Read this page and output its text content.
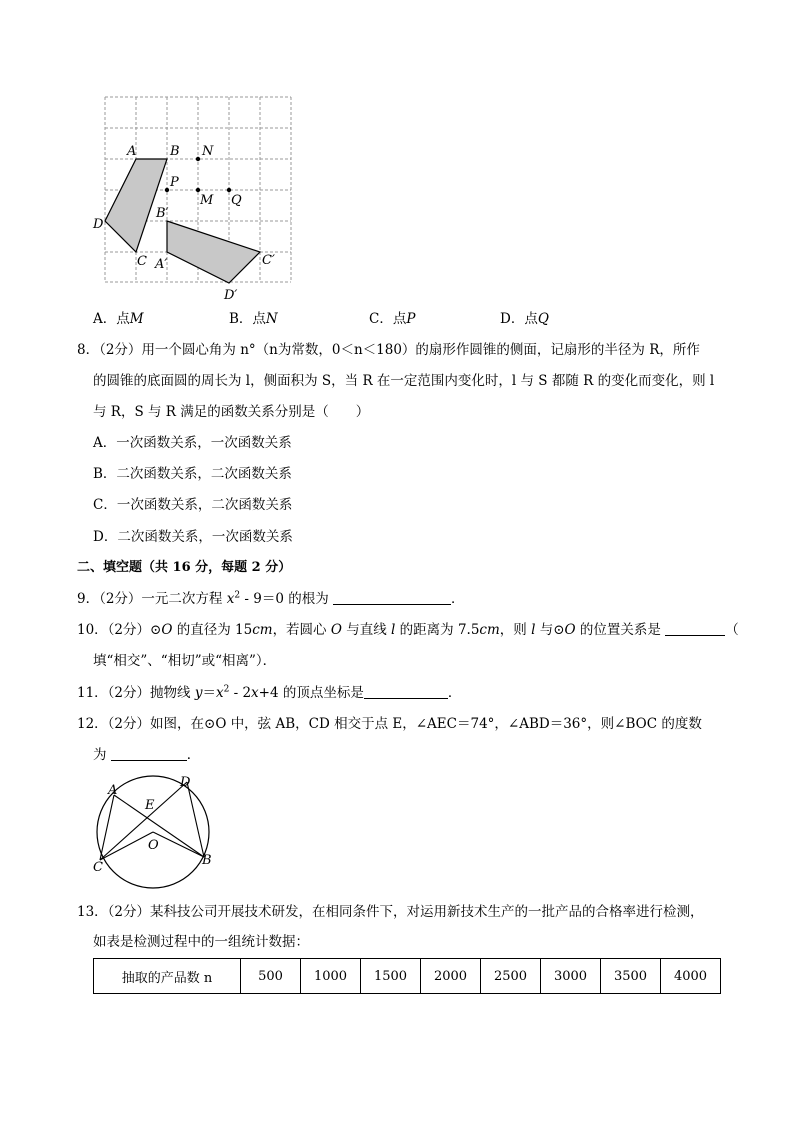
A	B N
P
M Q
D
B′
C A′	C′
D′
A．点M	B．点N	C．点P	D．点Q
8．（2分）用一个圆心角为 n°（n为常数，0＜n＜180）的扇形作圆锥的侧面，记扇形的半径为 R，所作
的圆锥的底面圆的周长为 l，侧面积为 S，当 R 在一定范围内变化时，l 与 S 都随 R 的变化而变化，则 l
与 R，S 与 R 满足的函数关系分别是（　　）
A．一次函数关系，一次函数关系
B．二次函数关系，二次函数关系
C．一次函数关系，二次函数关系
D．二次函数关系，一次函数关系
二、填空题（共 16 分，每题 2 分）
9．（2分）一元二次方程 $x^2 - 9=0$ 的根为	．
10．（2分）⊙O 的直径为 15cm，若圆心 O 与直线 l 的距离为 7.5cm，则 l 与⊙O 的位置关系是	（
填“相交”、“相切”或“相离”）．
11．（2分）抛物线 $y=x^2 - 2x+4$ 的顶点坐标是	．
12．（2分）如图，在⊙O 中，弦 AB，CD 相交于点 E，∠AEC＝74°，∠ABD＝36°，则∠BOC 的度数
为	．
A
D
E
O
C	B
13．（2分）某科技公司开展技术研发，在相同条件下，对运用新技术生产的一批产品的合格率进行检测，
如表是检测过程中的一组统计数据：
抽取的产品数 n	500	1000	1500	2000	2500	3000	3500	4000
